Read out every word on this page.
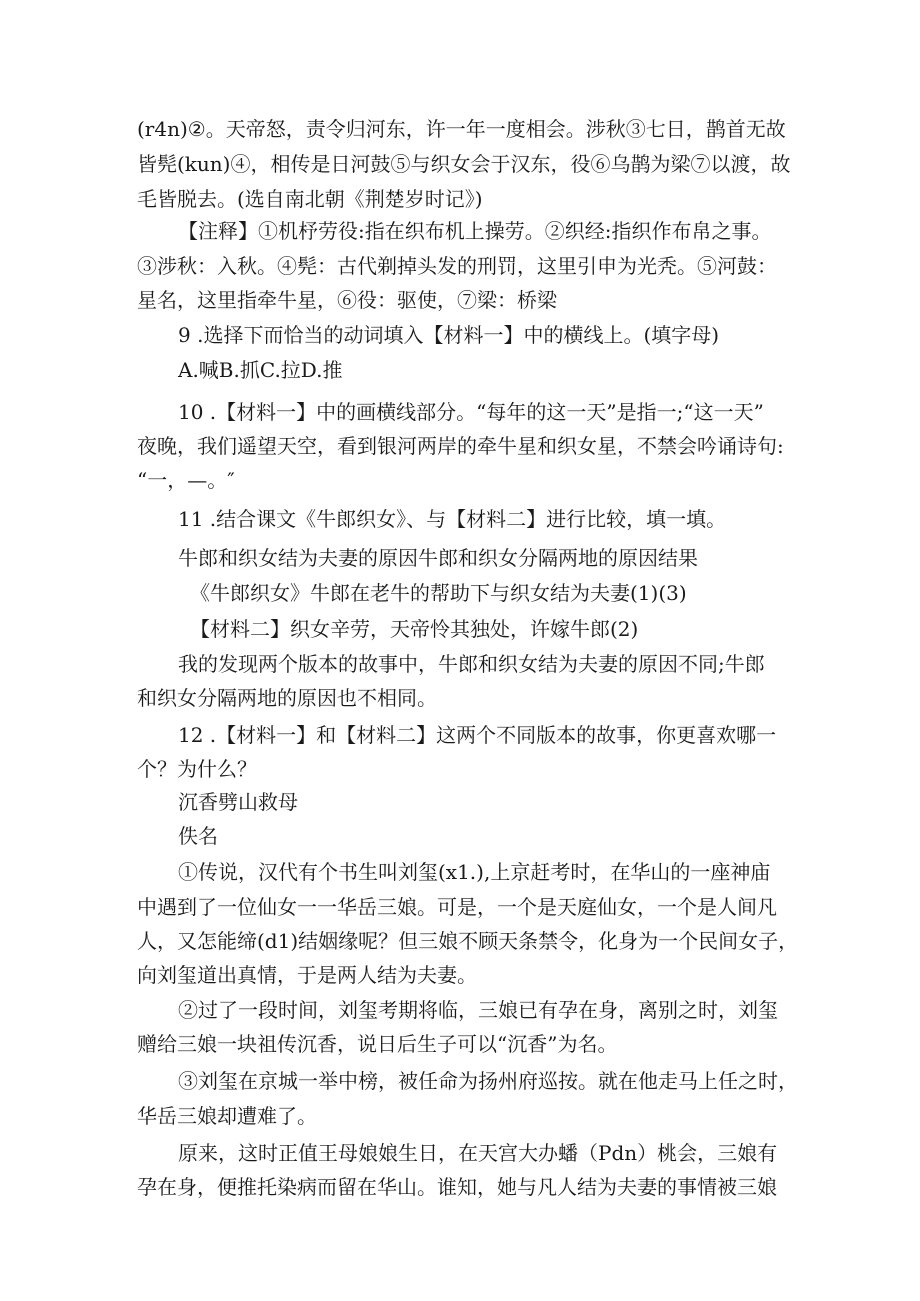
(r4n)②。天帝怒，责令归河东，许一年一度相会。涉秋③七日，鹊首无故
皆髡(kun)④，相传是日河鼓⑤与织女会于汉东，役⑥乌鹊为梁⑦以渡，故
毛皆脱去。(选自南北朝《荆楚岁时记》)
【注释】①机杼劳役:指在织布机上操劳。②织经:指织作布帛之事。
③涉秋：入秋。④髡：古代剃掉头发的刑罚，这里引申为光秃。⑤河鼓：
星名，这里指牵牛星，⑥役：驱使，⑦梁：桥梁
9 .选择下而恰当的动词填入【材料一】中的横线上。(填字母)
A.喊B.抓C.拉D.推
10 .【材料一】中的画横线部分。“每年的这一天”是指一;“这一天”
夜晚，我们遥望天空，看到银河两岸的牵牛星和织女星，不禁会吟诵诗句:
“一，—。″
11 .结合课文《牛郎织女》、与【材料二】进行比较，填一填。
牛郎和织女结为夫妻的原因牛郎和织女分隔两地的原因结果
《牛郎织女》牛郎在老牛的帮助下与织女结为夫妻(1)(3)
【材料二】织女辛劳，天帝怜其独处，许嫁牛郎(2)
我的发现两个版本的故事中，牛郎和织女结为夫妻的原因不同;牛郎
和织女分隔两地的原因也不相同。
12 .【材料一】和【材料二】这两个不同版本的故事，你更喜欢哪一
个？为什么？
沉香劈山救母
佚名
①传说，汉代有个书生叫刘玺(x1.),上京赶考时，在华山的一座神庙
中遇到了一位仙女一一华岳三娘。可是，一个是天庭仙女，一个是人间凡
人，又怎能缔(d1)结姻缘呢？但三娘不顾天条禁令，化身为一个民间女子，
向刘玺道出真情，于是两人结为夫妻。
②过了一段时间，刘玺考期将临，三娘已有孕在身，离别之时，刘玺
赠给三娘一块祖传沉香，说日后生子可以“沉香”为名。
③刘玺在京城一举中榜，被任命为扬州府巡按。就在他走马上任之时，
华岳三娘却遭难了。
原来，这时正值王母娘娘生日，在天宫大办蟠（Pdn）桃会，三娘有
孕在身，便推托染病而留在华山。谁知，她与凡人结为夫妻的事情被三娘
